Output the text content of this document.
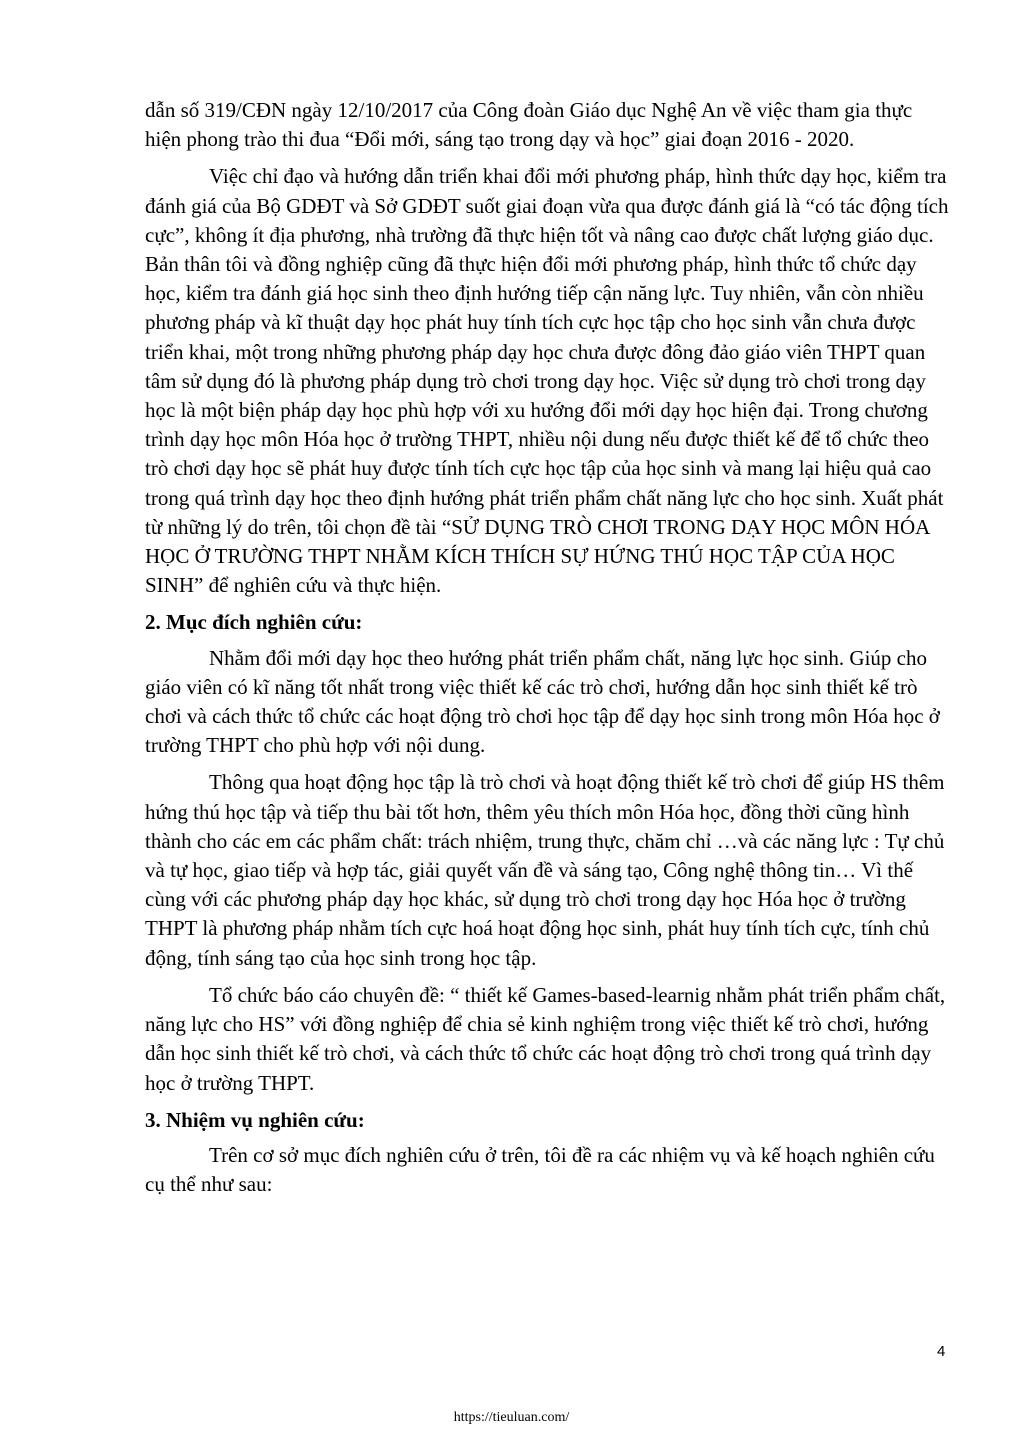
dẫn số 319/CĐN ngày 12/10/2017 của Công đoàn Giáo dục Nghệ An về việc tham gia thực hiện phong trào thi đua “Đổi mới, sáng tạo trong dạy và học” giai đoạn 2016 - 2020.

Việc chỉ đạo và hướng dẫn triển khai đổi mới phương pháp, hình thức dạy học, kiểm tra đánh giá của Bộ GDĐT và Sở GDĐT suốt giai đoạn vừa qua được đánh giá là “có tác động tích cực”, không ít địa phương, nhà trường đã thực hiện tốt và nâng cao được chất lượng giáo dục. Bản thân tôi và đồng nghiệp cũng đã thực hiện đổi mới phương pháp, hình thức tổ chức dạy học, kiểm tra đánh giá học sinh theo định hướng tiếp cận năng lực. Tuy nhiên, vẫn còn nhiều phương pháp và kĩ thuật dạy học phát huy tính tích cực học tập cho học sinh vẫn chưa được triển khai, một trong những phương pháp dạy học chưa được đông đảo giáo viên THPT quan tâm sử dụng đó là phương pháp dụng trò chơi trong dạy học. Việc sử dụng trò chơi trong dạy học là một biện pháp dạy học phù hợp với xu hướng đổi mới dạy học hiện đại. Trong chương trình dạy học môn Hóa học ở trường THPT, nhiều nội dung nếu được thiết kế để tổ chức theo trò chơi dạy học sẽ phát huy được tính tích cực học tập của học sinh và mang lại hiệu quả cao trong quá trình dạy học theo định hướng phát triển phẩm chất năng lực cho học sinh. Xuất phát từ những lý do trên, tôi chọn đề tài “SỬ DỤNG TRÒ CHƠI TRONG DẠY HỌC MÔN HÓA HỌC Ở TRƯỜNG THPT NHẰM KÍCH THÍCH SỰ HỨNG THÚ HỌC TẬP CỦA HỌC SINH” để nghiên cứu và thực hiện.

2. Mục đích nghiên cứu:

Nhằm đổi mới dạy học theo hướng phát triển phẩm chất, năng lực học sinh. Giúp cho giáo viên có kĩ năng tốt nhất trong việc thiết kế các trò chơi, hướng dẫn học sinh thiết kế trò chơi và cách thức tổ chức các hoạt động trò chơi học tập để dạy học sinh trong môn Hóa học ở trường THPT cho phù hợp với nội dung.

Thông qua hoạt động học tập là trò chơi và hoạt động thiết kế trò chơi để giúp HS thêm hứng thú học tập và tiếp thu bài tốt hơn, thêm yêu thích môn Hóa học, đồng thời cũng hình thành cho các em các phẩm chất: trách nhiệm, trung thực, chăm chỉ …và các năng lực : Tự chủ và tự học, giao tiếp và hợp tác, giải quyết vấn đề và sáng tạo, Công nghệ thông tin… Vì thế cùng với các phương pháp dạy học khác, sử dụng trò chơi trong dạy học Hóa học ở trường THPT là phương pháp nhằm tích cực hoá hoạt động học sinh, phát huy tính tích cực, tính chủ động, tính sáng tạo của học sinh trong học tập.

Tổ chức báo cáo chuyên đề: “ thiết kế Games-based-learnig nhằm phát triển phẩm chất, năng lực cho HS” với đồng nghiệp để chia sẻ kinh nghiệm trong việc thiết kế trò chơi, hướng dẫn học sinh thiết kế trò chơi, và cách thức tổ chức các hoạt động trò chơi trong quá trình dạy học ở trường THPT.

3. Nhiệm vụ nghiên cứu:

Trên cơ sở mục đích nghiên cứu ở trên, tôi đề ra các nhiệm vụ và kế hoạch nghiên cứu cụ thể như sau:

4
https://tieuluan.com/
